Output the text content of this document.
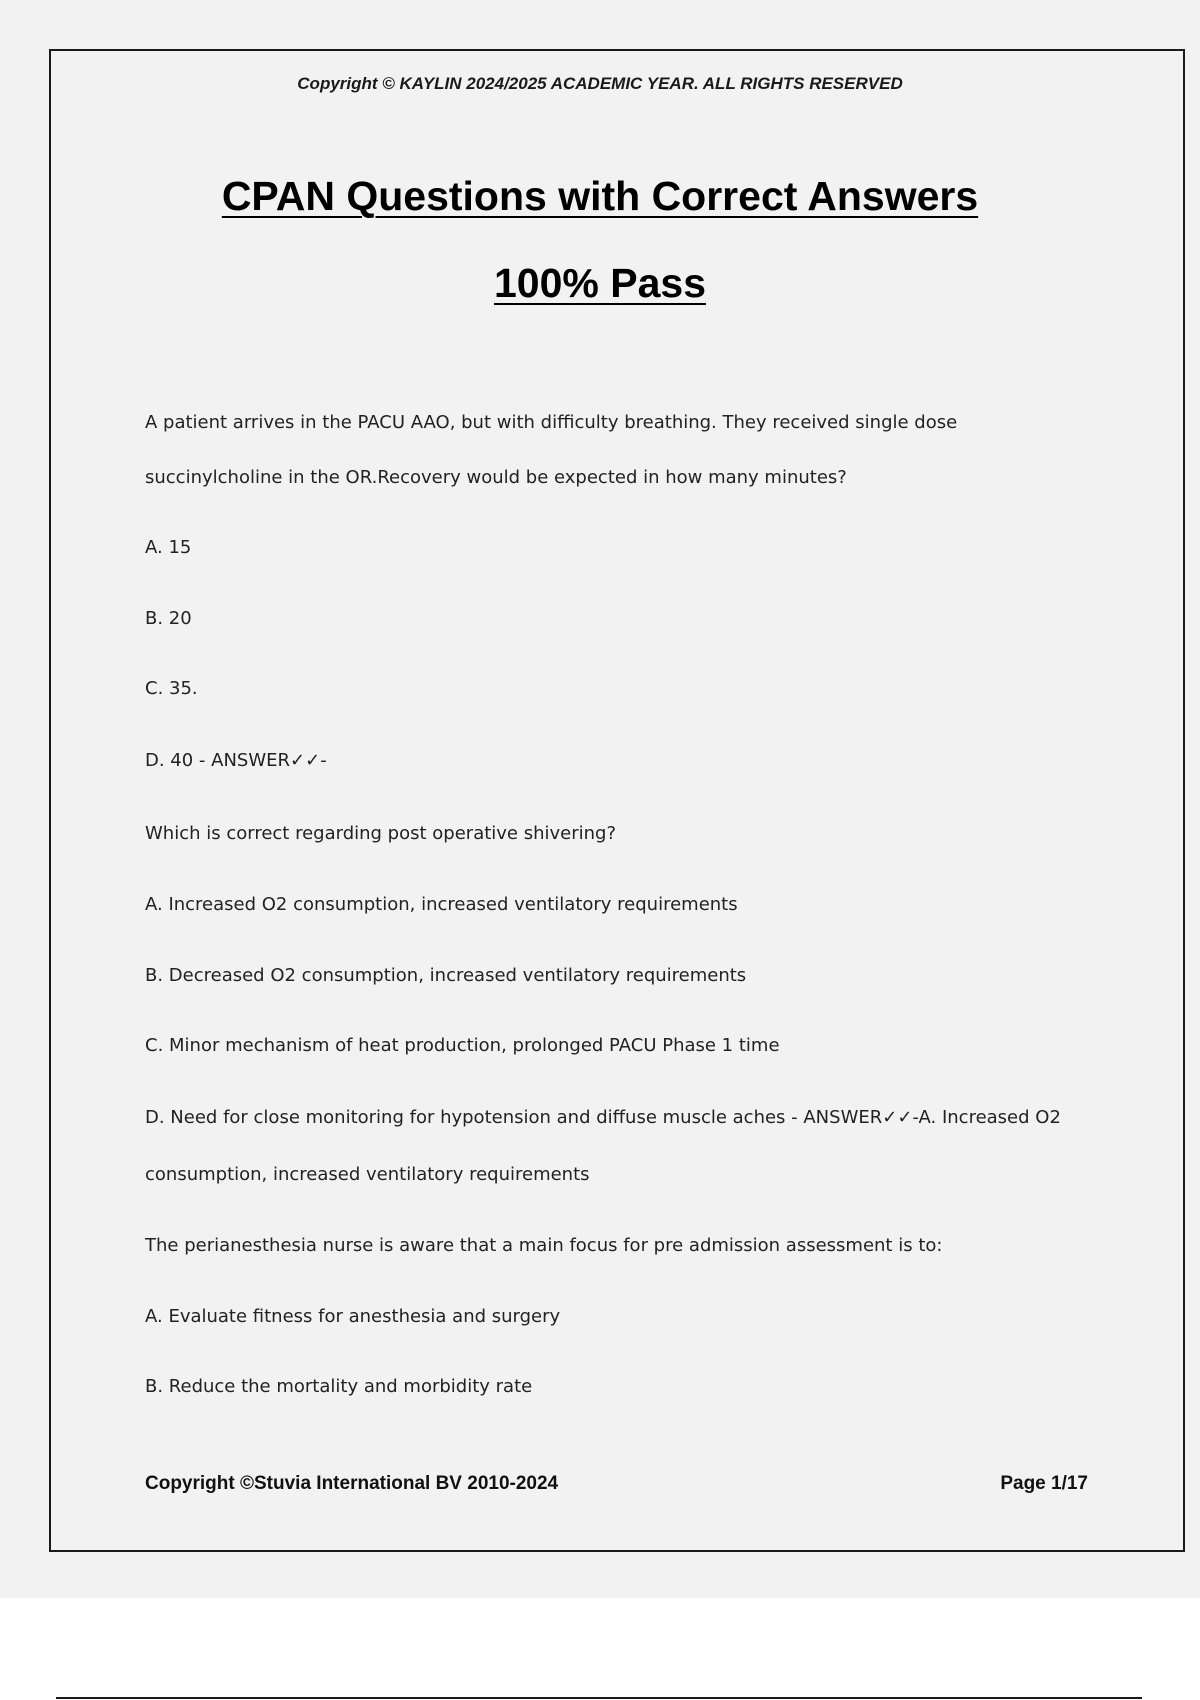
Copyright © KAYLIN 2024/2025 ACADEMIC YEAR. ALL RIGHTS RESERVED
CPAN Questions with Correct Answers
100% Pass
A patient arrives in the PACU AAO, but with difficulty breathing. They received single dose
succinylcholine in the OR.Recovery would be expected in how many minutes?
A. 15
B. 20
C. 35.
D. 40 - ANSWER✓✓-
Which is correct regarding post operative shivering?
A. Increased O2 consumption, increased ventilatory requirements
B. Decreased O2 consumption, increased ventilatory requirements
C. Minor mechanism of heat production, prolonged PACU Phase 1 time
D. Need for close monitoring for hypotension and diffuse muscle aches - ANSWER✓✓-A. Increased O2
consumption, increased ventilatory requirements
The perianesthesia nurse is aware that a main focus for pre admission assessment is to:
A. Evaluate fitness for anesthesia and surgery
B. Reduce the mortality and morbidity rate
Copyright ©Stuvia International BV 2010-2024	Page 1/17
